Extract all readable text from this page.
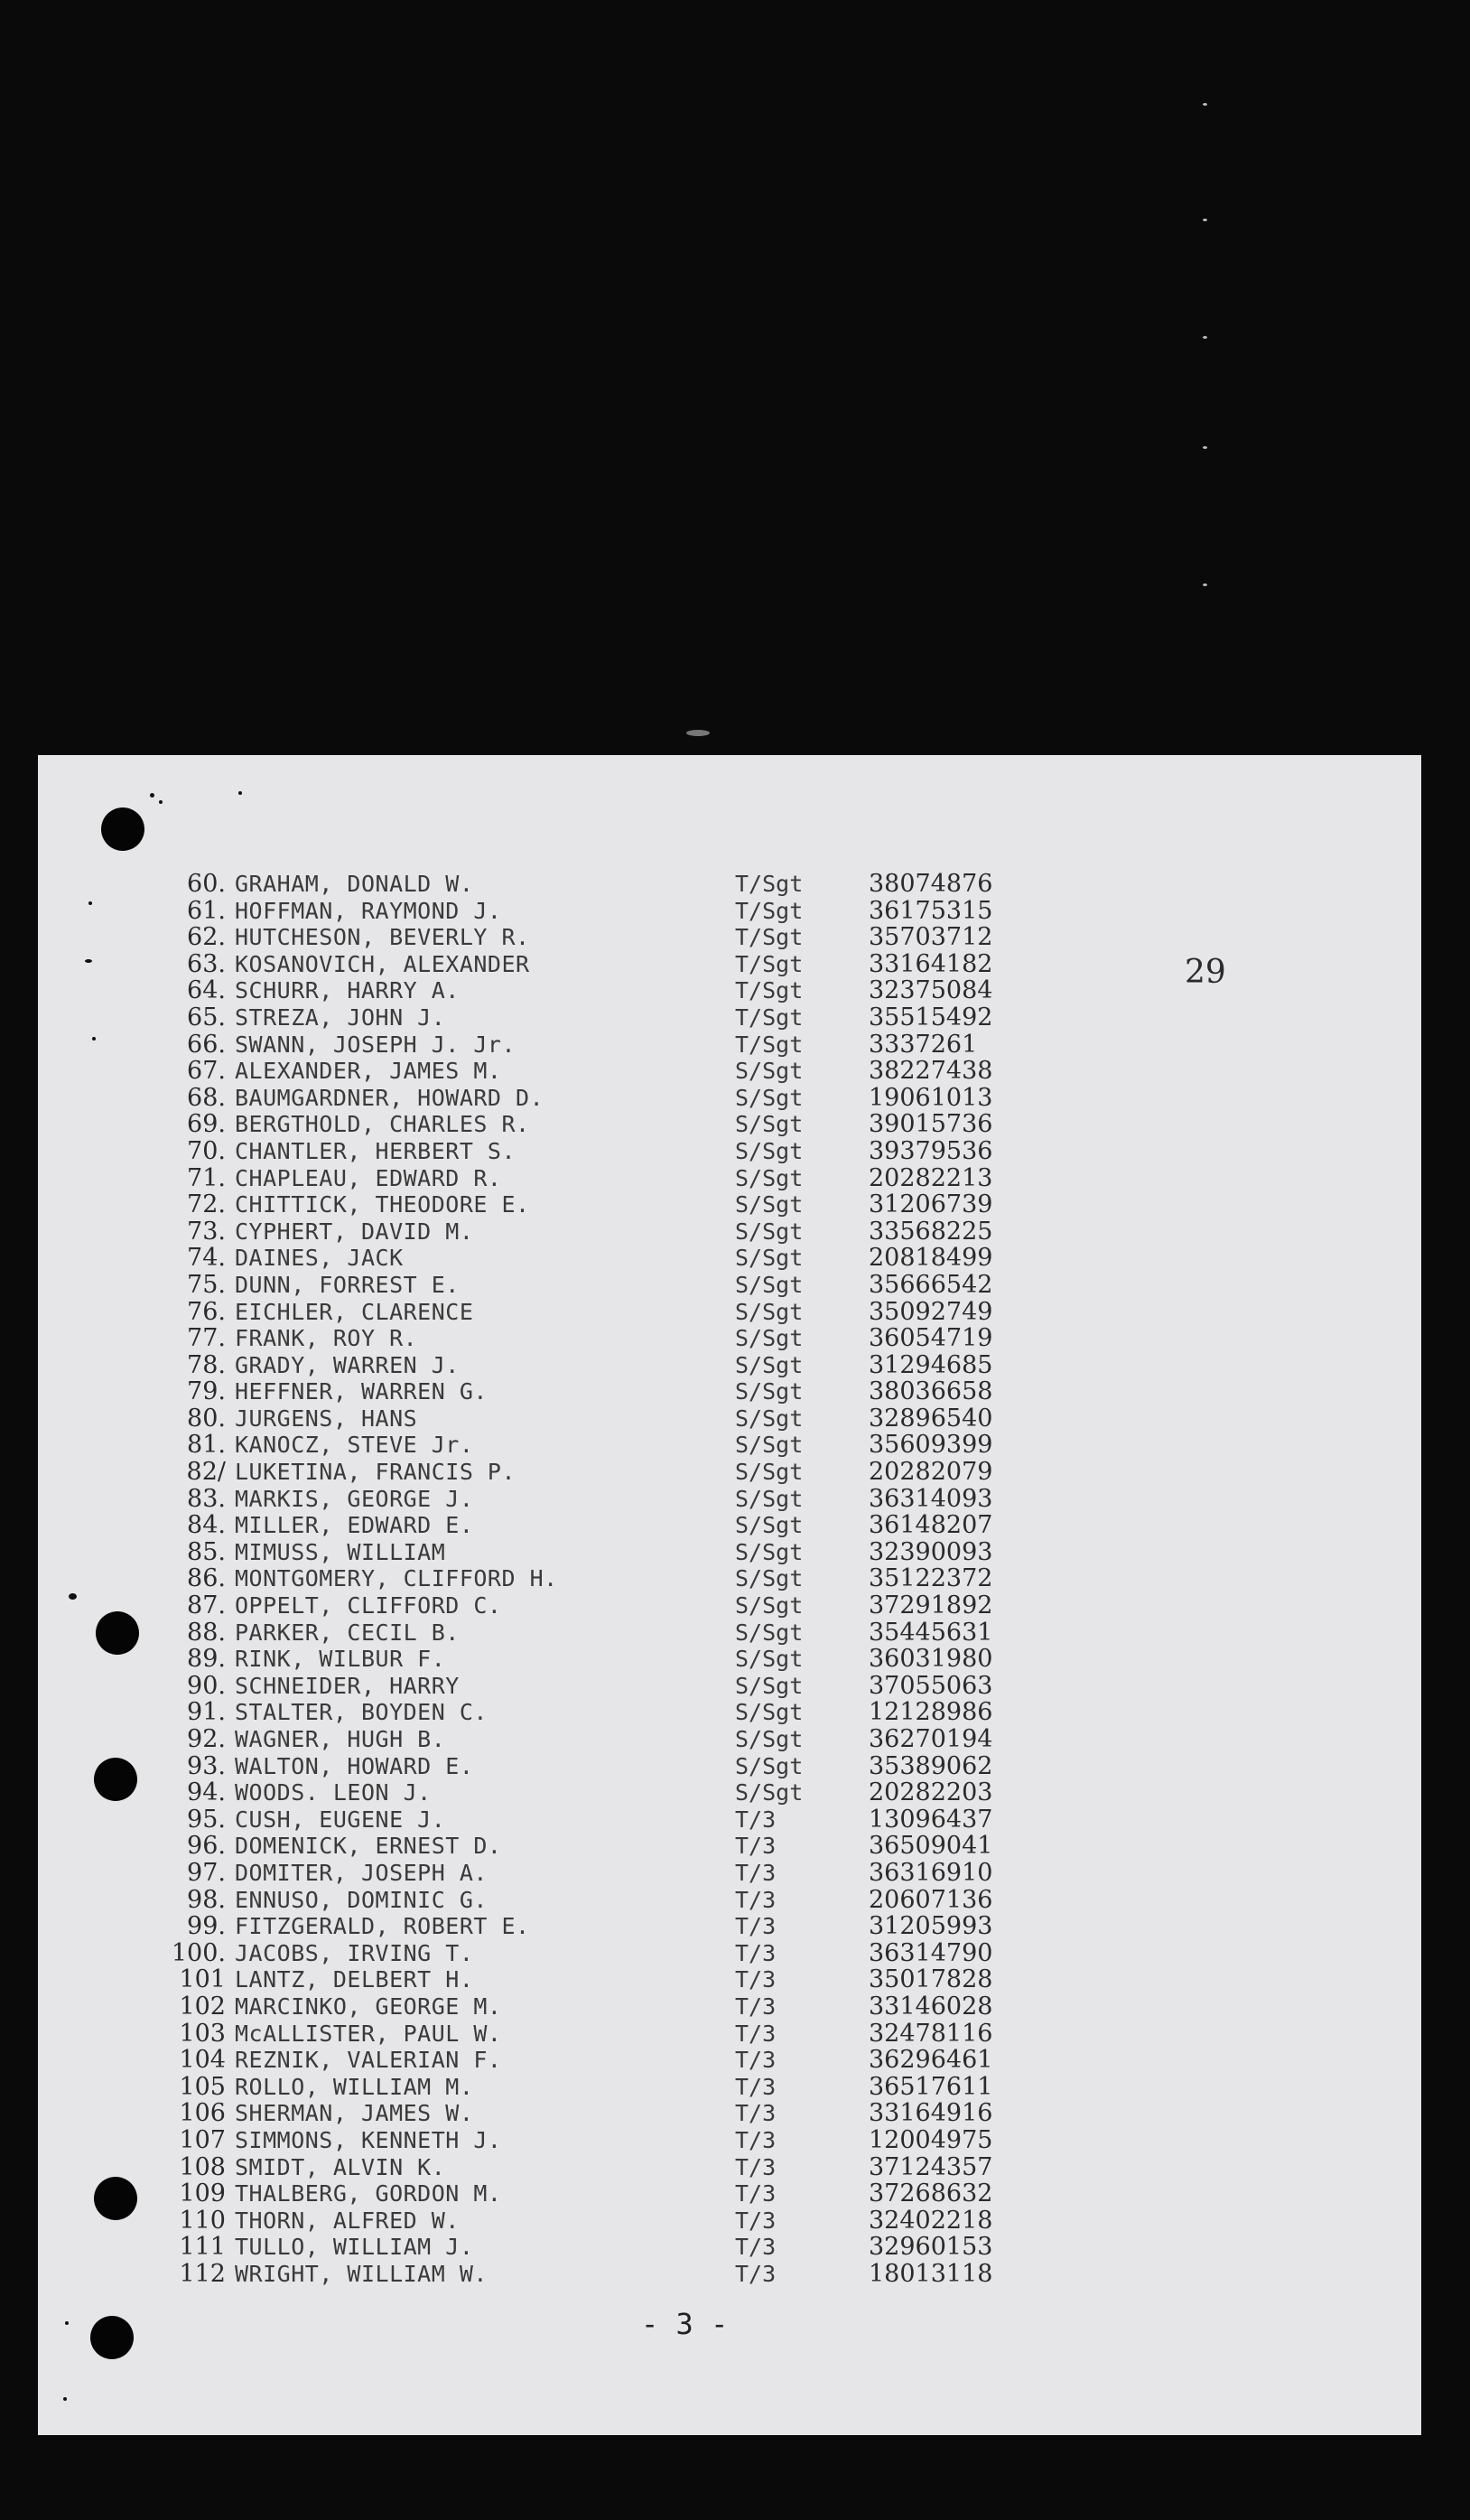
29
60. GRAHAM, DONALD W.	T/Sgt	38074876
61. HOFFMAN, RAYMOND J.	T/Sgt	36175315
62. HUTCHESON, BEVERLY R.	T/Sgt	35703712
63. KOSANOVICH, ALEXANDER	T/Sgt	33164182
64. SCHURR, HARRY A.	T/Sgt	32375084
65. STREZA, JOHN J.	T/Sgt	35515492
66. SWANN, JOSEPH J. Jr.	T/Sgt	3337261
67. ALEXANDER, JAMES M.	S/Sgt	38227438
68. BAUMGARDNER, HOWARD D.	S/Sgt	19061013
69. BERGTHOLD, CHARLES R.	S/Sgt	39015736
70. CHANTLER, HERBERT S.	S/Sgt	39379536
71. CHAPLEAU, EDWARD R.	S/Sgt	20282213
72. CHITTICK, THEODORE E.	S/Sgt	31206739
73. CYPHERT, DAVID M.	S/Sgt	33568225
74. DAINES, JACK	S/Sgt	20818499
75. DUNN, FORREST E.	S/Sgt	35666542
76. EICHLER, CLARENCE	S/Sgt	35092749
77. FRANK, ROY R.	S/Sgt	36054719
78. GRADY, WARREN J.	S/Sgt	31294685
79. HEFFNER, WARREN G.	S/Sgt	38036658
80. JURGENS, HANS	S/Sgt	32896540
81. KANOCZ, STEVE Jr.	S/Sgt	35609399
82/ LUKETINA, FRANCIS P.	S/Sgt	20282079
83. MARKIS, GEORGE J.	S/Sgt	36314093
84. MILLER, EDWARD E.	S/Sgt	36148207
85. MIMUSS, WILLIAM	S/Sgt	32390093
86. MONTGOMERY, CLIFFORD H.	S/Sgt	35122372
87. OPPELT, CLIFFORD C.	S/Sgt	37291892
88. PARKER, CECIL B.	S/Sgt	35445631
89. RINK, WILBUR F.	S/Sgt	36031980
90. SCHNEIDER, HARRY	S/Sgt	37055063
91. STALTER, BOYDEN C.	S/Sgt	12128986
92. WAGNER, HUGH B.	S/Sgt	36270194
93. WALTON, HOWARD E.	S/Sgt	35389062
94. WOODS. LEON J.	S/Sgt	20282203
95. CUSH, EUGENE J.	T/3	13096437
96. DOMENICK, ERNEST D.	T/3	36509041
97. DOMITER, JOSEPH A.	T/3	36316910
98. ENNUSO, DOMINIC G.	T/3	20607136
99. FITZGERALD, ROBERT E.	T/3	31205993
100. JACOBS, IRVING T.	T/3	36314790
101 LANTZ, DELBERT H.	T/3	35017828
102 MARCINKO, GEORGE M.	T/3	33146028
103 McALLISTER, PAUL W.	T/3	32478116
104 REZNIK, VALERIAN F.	T/3	36296461
105 ROLLO, WILLIAM M.	T/3	36517611
106 SHERMAN, JAMES W.	T/3	33164916
107 SIMMONS, KENNETH J.	T/3	12004975
108 SMIDT, ALVIN K.	T/3	37124357
109 THALBERG, GORDON M.	T/3	37268632
110 THORN, ALFRED W.	T/3	32402218
111 TULLO, WILLIAM J.	T/3	32960153
112 WRIGHT, WILLIAM W.	T/3	18013118
- 3 -
